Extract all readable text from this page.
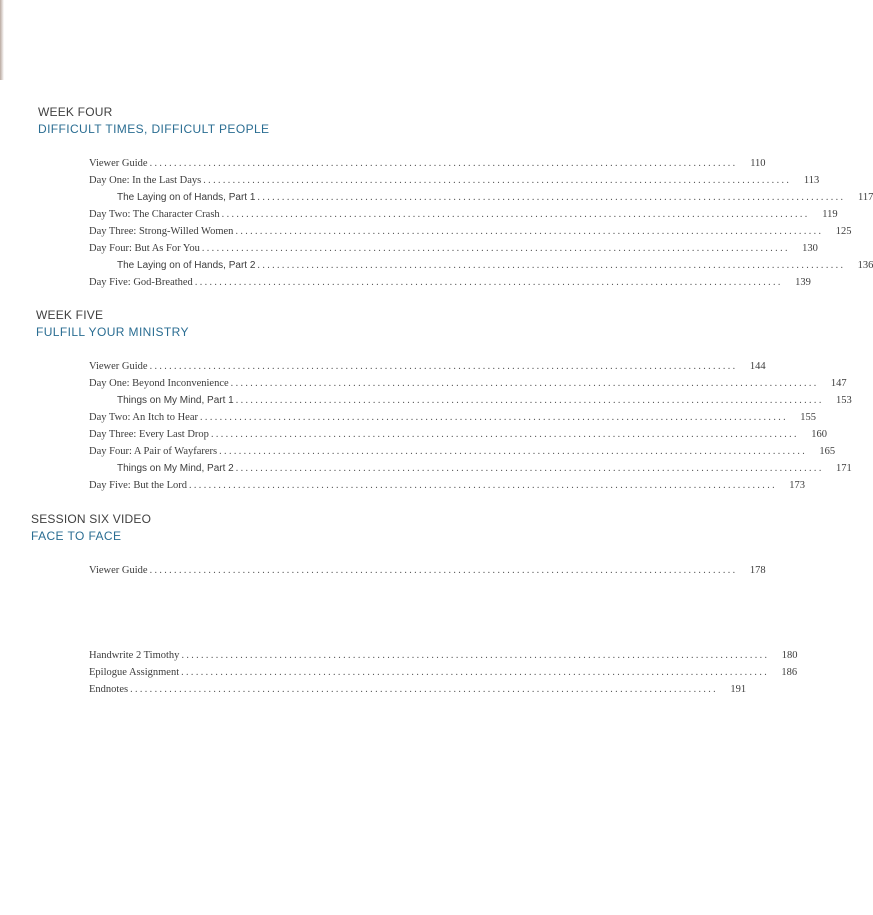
WEEK FOUR
DIFFICULT TIMES, DIFFICULT PEOPLE
Viewer Guide ........................................................................................................................	110
Day One: In the Last Days ........................................................................................................................	113
The Laying on of Hands, Part 1 ........................................................................................................................	117
Day Two: The Character Crash ........................................................................................................................	119
Day Three: Strong-Willed Women ........................................................................................................................	125
Day Four: But As For You ........................................................................................................................	130
The Laying on of Hands, Part 2 ........................................................................................................................	136
Day Five: God-Breathed ........................................................................................................................	139
WEEK FIVE
FULFILL YOUR MINISTRY
Viewer Guide ........................................................................................................................	144
Day One: Beyond Inconvenience ........................................................................................................................	147
Things on My Mind, Part 1 ........................................................................................................................	153
Day Two: An Itch to Hear ........................................................................................................................	155
Day Three: Every Last Drop ........................................................................................................................	160
Day Four: A Pair of Wayfarers ........................................................................................................................	165
Things on My Mind, Part 2 ........................................................................................................................	171
Day Five: But the Lord ........................................................................................................................	173
SESSION SIX VIDEO
FACE TO FACE
Viewer Guide ........................................................................................................................	178
Handwrite 2 Timothy ........................................................................................................................	180
Epilogue Assignment ........................................................................................................................	186
Endnotes ........................................................................................................................	191
